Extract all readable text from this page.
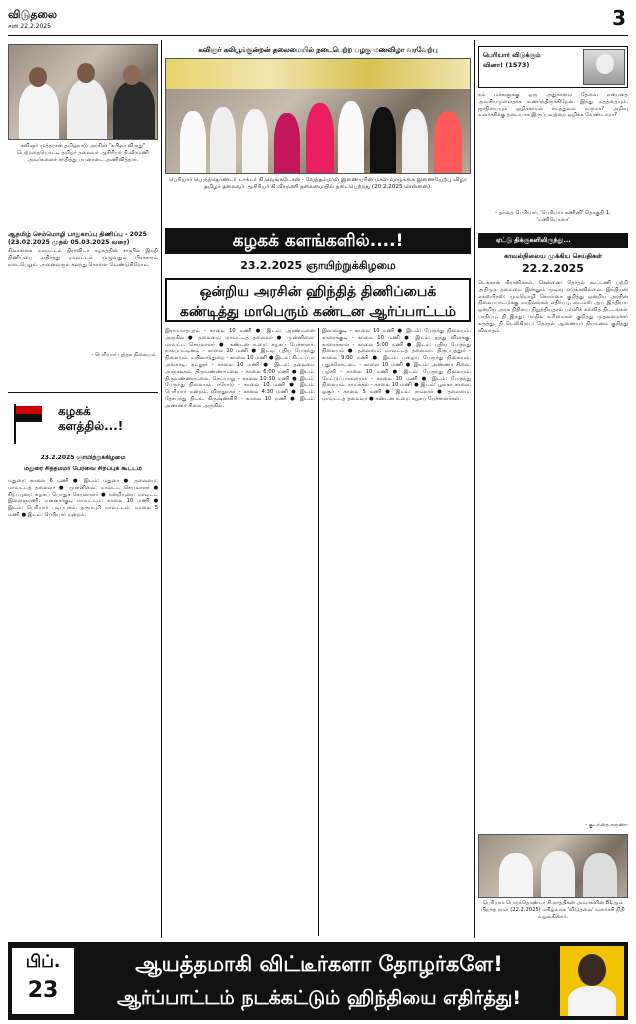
விடுதலை
சனி 22.2.2025	3
கவிஞர் முத்தரசன் தமிழ்நாடு அரசின் "கபிலர் விருது" பெற்றதையொட்டி தமிழர் தலைவர் ஆசிரியர் கி.வீரமணி அவர்களைச் சந்தித்து பயனாடை அணிவித்தார்.
ஆதமிழ் செம்மொழி பாதுகாப்பு திணிப்பு - 2025 (23.02.2025 முதல் 05.03.2025 வரை)
சிலகங்கை மாவட்டம் திராவிடர் கழகத்தின் சார்பில் இந்தி திணிப்பை எதிர்த்து மாவட்டம் முழுவதும் பிரச்சாரம் நடைபெறும். அனைவரும் கலந்து கொள்ள வேண்டுகிறோம்.
- பெரியார் புத்தக நிலையம்
கழகக்
களத்தில்...!
23.2.2025 ஞாயிற்றுக்கிழமை
மதுரை சித்தமமா பேரவை சிறப்புக் கூட்டம்
மதுரை: காலை 6 மணி ● இடம்: மதுரை ● தலைமை: மாவட்டத் தலைவர் ● முன்னிலை: மாவட்ட செயலாளர் ● சிறப்புரை: கழகப் பொதுச் செயலாளர் ● நன்றியுரை: மாவட்ட இளைஞரணி. மன்னார்குடி மாவட்டம்: காலை 10 மணி ● இடம்: பெரியார் படிப்பகம். தருமபுரி மாவட்டம்: மாலை 5 மணி ● இடம்: பெரியார் மன்றம்.
கவிஞர் கலிபூங்குன்றன் தலைமையில் நடைபெற்ற பழகு மணவிழா வரவேற்பு
பெரியார் பெருந்தொண்டர் டாக்டர் கி.வெங்கடேசன் - வேந்தம்மாள் இணையரின் மகள் வாழ்க்கை இணையேற்பு விழா தமிழர் தலைவர் ஆசிரியர் கி.வீரமணி தலைமையில் நடைபெற்றது (20.2.2025 சென்னை).
கழகக் களங்களில்....!
23.2.2025 ஞாயிற்றுக்கிழமை
ஒன்றிய அரசின் ஹிந்தித் திணிப்பைக்
கண்டித்து மாபெரும் கண்டன ஆர்ப்பாட்டம்
இராமநாதபுரம் - காலை 10 மணி ● இடம்: அரண்மனை அருகில் ● தலைமை: மாவட்டத் தலைவர் ● முன்னிலை: மாவட்ட செயலாளர் ● கண்டன உரை: கழகப் பேச்சாளர். நாகப்பட்டினம் - காலை 10 மணி ● இடம்: புதிய பேருந்து நிலையம். மயிலாடுதுறை - காலை 10 மணி ● இடம்: கிட்டப்பா அங்காடி. கடலூர் - காலை 10 மணி ● இடம்: தலைமை அஞ்சலகம். திருவண்ணாமலை - காலை 6:00 மணி ● இடம்: திருவண்ணாமலை. செய்யாறு - காலை 10:30 மணி ● இடம்: பேருந்து நிலையம். ஈரோடு - காலை 10 மணி ● இடம்: பெரியார் மன்றம். விருதுநகர் - காலை 4:30 மணி ● இடம்: தேசபந்து திடல். கிருஷ்ணகிரி - காலை 10 மணி ● இடம்: அண்ணா சிலை அருகில்.
இலால்குடி - காலை 10 மணி ● இடம்: பேருந்து நிலையம். காரைக்குடி - காலை 10 மணி ● இடம்: ஐந்து விளக்கு. காரைக்கால் - காலை 5:00 மணி ● இடம்: புதிய பேருந்து நிலையம் ● தலைமை: மாவட்டத் தலைவர். திருப்பத்தூர் - காலை 9:00 மணி ● இடம்: பழைய பேருந்து நிலையம். புதுக்கோட்டை - காலை 10 மணி ● இடம்: அண்ணா சிலை. பழனி - காலை 10 மணி ● இடம்: பேருந்து நிலையம். மேட்டுப்பாளையம் - காலை 10 மணி ● இடம்: பேருந்து நிலையம். நாமக்கல் - காலை 10 மணி ● இடம்: பூங்கா சாலை. ஓசூர் - காலை 5 மணி ● இடம்: ராம்நகர் ● தலைமை: மாவட்டத் தலைவர் ● கண்டன உரை: கழகப் பேச்சாளர்கள்.
பெரியார் விடுக்கும்
வினா! (1573)
நம் மக்களுக்கு ஒரு அதுகாவை தேவை என்பதை அவசியமுள்ளதாக உணர்ந்திருக்கிறேன். இந்து மதத்தையும், ஜாதியையும் ஒழிக்காமல் சமத்துவம் வருமா? அறிவு வளர்ச்சிக்கு தடையாக இருப்பவற்றை ஒழிக்க வேண்டாமா?
- தந்தை பெரியார், 'பெரியார் கணினி' தொகுதி 1, 'மணியோசை'
ஏட்டு திக்குகளிலிருந்து...
காவல்நிலைய முக்கிய செய்திகள்
22.2.2025
டெக்கான் கிரானிக்கல், சென்னை: தேர்தல் கூட்டணி பற்றி அதிமுக தலைமை இன்னும் முடிவு எடுக்கவில்லை. இந்தியன் எக்ஸ்பிரஸ்: மும்மொழி கொள்கை குறித்து ஒன்றிய அரசின் நிலைப்பாட்டுக்கு மாநிலங்கள் எதிர்ப்பு. டைம்ஸ் ஆப் இந்தியா: ஒன்றிய அரசு நிதியை நிறுத்தியதால் பள்ளிக் கல்வித் திட்டங்கள் பாதிப்பு. தி இந்து: மாநில உரிமைகள் குறித்து முதலமைச்சர் கருத்து. தி டெலிகிராப்: தேர்தல் ஆணையர் நியமனம் குறித்து விவாதம்.
- குடந்தை கருணா
பெரியார் பெருந்தொண்டர் சி.நாத்திகன் அவர்களின் 81ஆம் பிறந்த நாள் (22.2.2025) மகிழ்வாக 'விடுதலை' வளர்ச்சி நிதி வழங்கினார்.
பிப்.
23
ஆயத்தமாகி விட்டீர்களா தோழர்களே!
ஆர்ப்பாட்டம் நடக்கட்டும் ஹிந்தியை எதிர்த்து!
